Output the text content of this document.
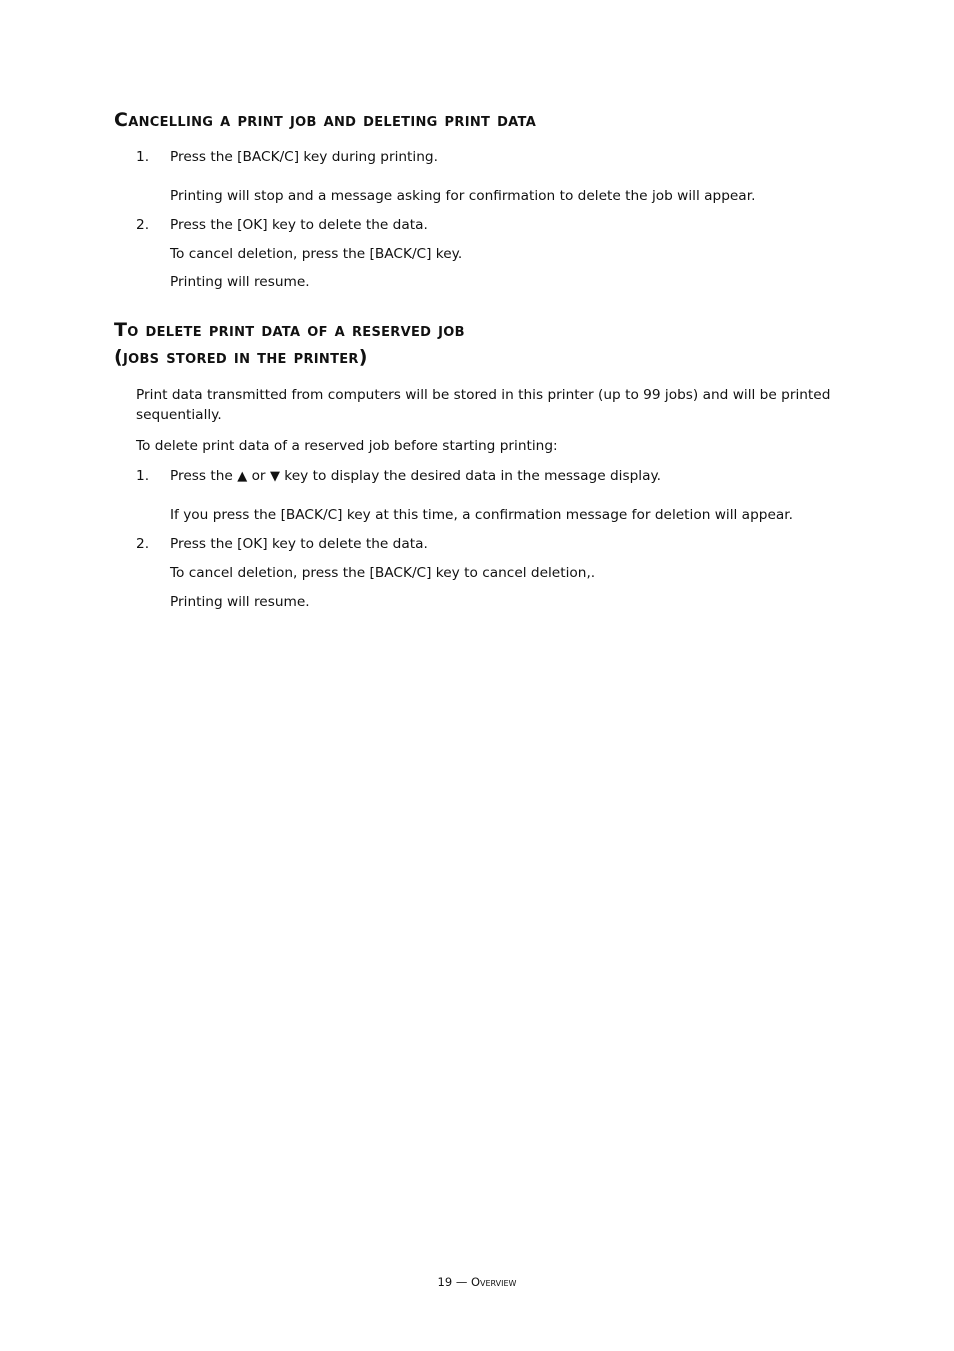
Cancelling a print job and deleting print data
1. Press the [BACK/C] key during printing.
Printing will stop and a message asking for confirmation to delete the job will appear.
2. Press the [OK] key to delete the data.
To cancel deletion, press the [BACK/C] key.
Printing will resume.
To delete print data of a reserved job
(jobs stored in the printer)
Print data transmitted from computers will be stored in this printer (up to 99 jobs) and will be printed sequentially.
To delete print data of a reserved job before starting printing:
1. Press the ▲ or ▼ key to display the desired data in the message display.
If you press the [BACK/C] key at this time, a confirmation message for deletion will appear.
2. Press the [OK] key to delete the data.
To cancel deletion, press the [BACK/C] key to cancel deletion,.
Printing will resume.
19 — Overview
